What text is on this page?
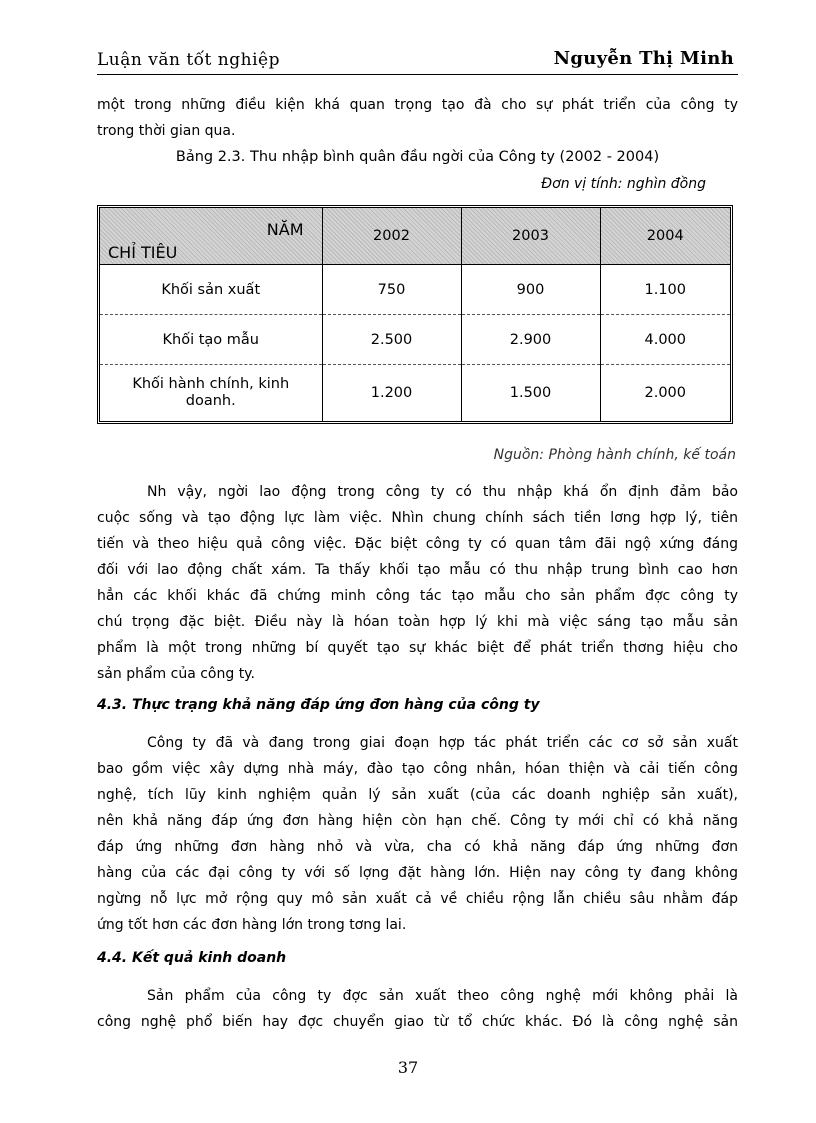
Luận văn tốt nghiệp	Nguyễn Thị Minh
một trong những điều kiện khá quan trọng tạo đà cho sự phát triển của công ty
trong thời gian qua.
Bảng 2.3. Thu nhập bình quân đầu ngời của Công ty (2002 - 2004)
Đơn vị tính: nghìn đồng
NĂM
CHỈ TIÊU	2002	2003	2004
Khối sản xuất	750	900	1.100
Khối tạo mẫu	2.500	2.900	4.000
Khối hành chính, kinh doanh.	1.200	1.500	2.000
Nguồn: Phòng hành chính, kế toán
Nh vậy, ngời lao động trong công ty có thu nhập khá ổn định đảm bảo
cuộc sống và tạo động lực làm việc. Nhìn chung chính sách tiền lơng hợp lý, tiên
tiến và theo hiệu quả công việc. Đặc biệt công ty có quan tâm đãi ngộ xứng đáng
đối với lao động chất xám. Ta thấy khối tạo mẫu có thu nhập trung bình cao hơn
hẳn các khối khác đã chứng minh công tác tạo mẫu cho sản phẩm đợc công ty
chú trọng đặc biệt. Điều này là hóan toàn hợp lý khi mà việc sáng tạo mẫu sản
phẩm là một trong những bí quyết tạo sự khác biệt để phát triển thơng hiệu cho
sản phẩm của công ty.
4.3. Thực trạng khả năng đáp ứng đơn hàng của công ty
Công ty đã và đang trong giai đoạn hợp tác phát triển các cơ sở sản xuất
bao gồm việc xây dựng nhà máy, đào tạo công nhân, hóan thiện và cải tiến công
nghệ, tích lũy kinh nghiệm quản lý sản xuất (của các doanh nghiệp sản xuất),
nên khả năng đáp ứng đơn hàng hiện còn hạn chế. Công ty mới chỉ có khả năng
đáp ứng những đơn hàng nhỏ và vừa, cha có khả năng đáp ứng những đơn
hàng của các đại công ty với số lợng đặt hàng lớn. Hiện nay công ty đang không
ngừng nỗ lực mở rộng quy mô sản xuất cả về chiều rộng lẫn chiều sâu nhằm đáp
ứng tốt hơn các đơn hàng lớn trong tơng lai.
4.4. Kết quả kinh doanh
Sản phẩm của công ty đợc sản xuất theo công nghệ mới không phải là
công nghệ phổ biến hay đợc chuyển giao từ tổ chức khác. Đó là công nghệ sản
37
